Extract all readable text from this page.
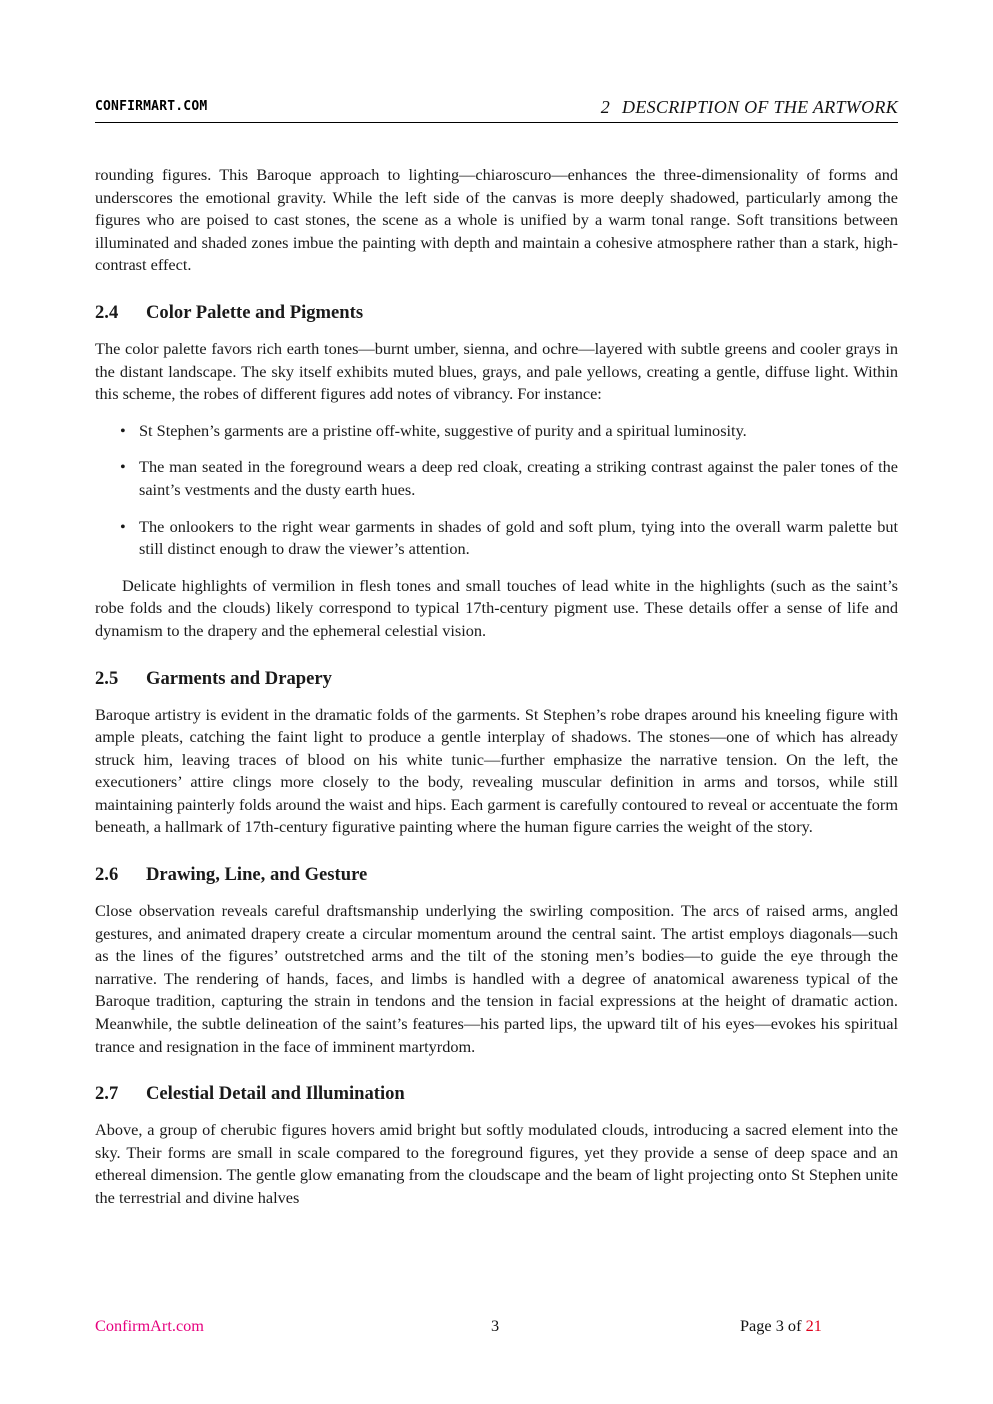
CONFIRMART.COM	2 DESCRIPTION OF THE ARTWORK

rounding figures. This Baroque approach to lighting—chiaroscuro—enhances the three-dimensionality of forms and underscores the emotional gravity. While the left side of the canvas is more deeply shadowed, particularly among the figures who are poised to cast stones, the scene as a whole is unified by a warm tonal range. Soft transitions between illuminated and shaded zones imbue the painting with depth and maintain a cohesive atmosphere rather than a stark, high-contrast effect.

2.4 Color Palette and Pigments

The color palette favors rich earth tones—burnt umber, sienna, and ochre—layered with subtle greens and cooler grays in the distant landscape. The sky itself exhibits muted blues, grays, and pale yellows, creating a gentle, diffuse light. Within this scheme, the robes of different figures add notes of vibrancy. For instance:

• St Stephen’s garments are a pristine off-white, suggestive of purity and a spiritual luminosity.
• The man seated in the foreground wears a deep red cloak, creating a striking contrast against the paler tones of the saint’s vestments and the dusty earth hues.
• The onlookers to the right wear garments in shades of gold and soft plum, tying into the overall warm palette but still distinct enough to draw the viewer’s attention.

Delicate highlights of vermilion in flesh tones and small touches of lead white in the highlights (such as the saint’s robe folds and the clouds) likely correspond to typical 17th-century pigment use. These details offer a sense of life and dynamism to the drapery and the ephemeral celestial vision.

2.5 Garments and Drapery

Baroque artistry is evident in the dramatic folds of the garments. St Stephen’s robe drapes around his kneeling figure with ample pleats, catching the faint light to produce a gentle interplay of shadows. The stones—one of which has already struck him, leaving traces of blood on his white tunic—further emphasize the narrative tension. On the left, the executioners’ attire clings more closely to the body, revealing muscular definition in arms and torsos, while still maintaining painterly folds around the waist and hips. Each garment is carefully contoured to reveal or accentuate the form beneath, a hallmark of 17th-century figurative painting where the human figure carries the weight of the story.

2.6 Drawing, Line, and Gesture

Close observation reveals careful draftsmanship underlying the swirling composition. The arcs of raised arms, angled gestures, and animated drapery create a circular momentum around the central saint. The artist employs diagonals—such as the lines of the figures’ outstretched arms and the tilt of the stoning men’s bodies—to guide the eye through the narrative. The rendering of hands, faces, and limbs is handled with a degree of anatomical awareness typical of the Baroque tradition, capturing the strain in tendons and the tension in facial expressions at the height of dramatic action. Meanwhile, the subtle delineation of the saint’s features—his parted lips, the upward tilt of his eyes—evokes his spiritual trance and resignation in the face of imminent martyrdom.

2.7 Celestial Detail and Illumination

Above, a group of cherubic figures hovers amid bright but softly modulated clouds, introducing a sacred element into the sky. Their forms are small in scale compared to the foreground figures, yet they provide a sense of deep space and an ethereal dimension. The gentle glow emanating from the cloudscape and the beam of light projecting onto St Stephen unite the terrestrial and divine halves

ConfirmArt.com	3	Page 3 of 21
